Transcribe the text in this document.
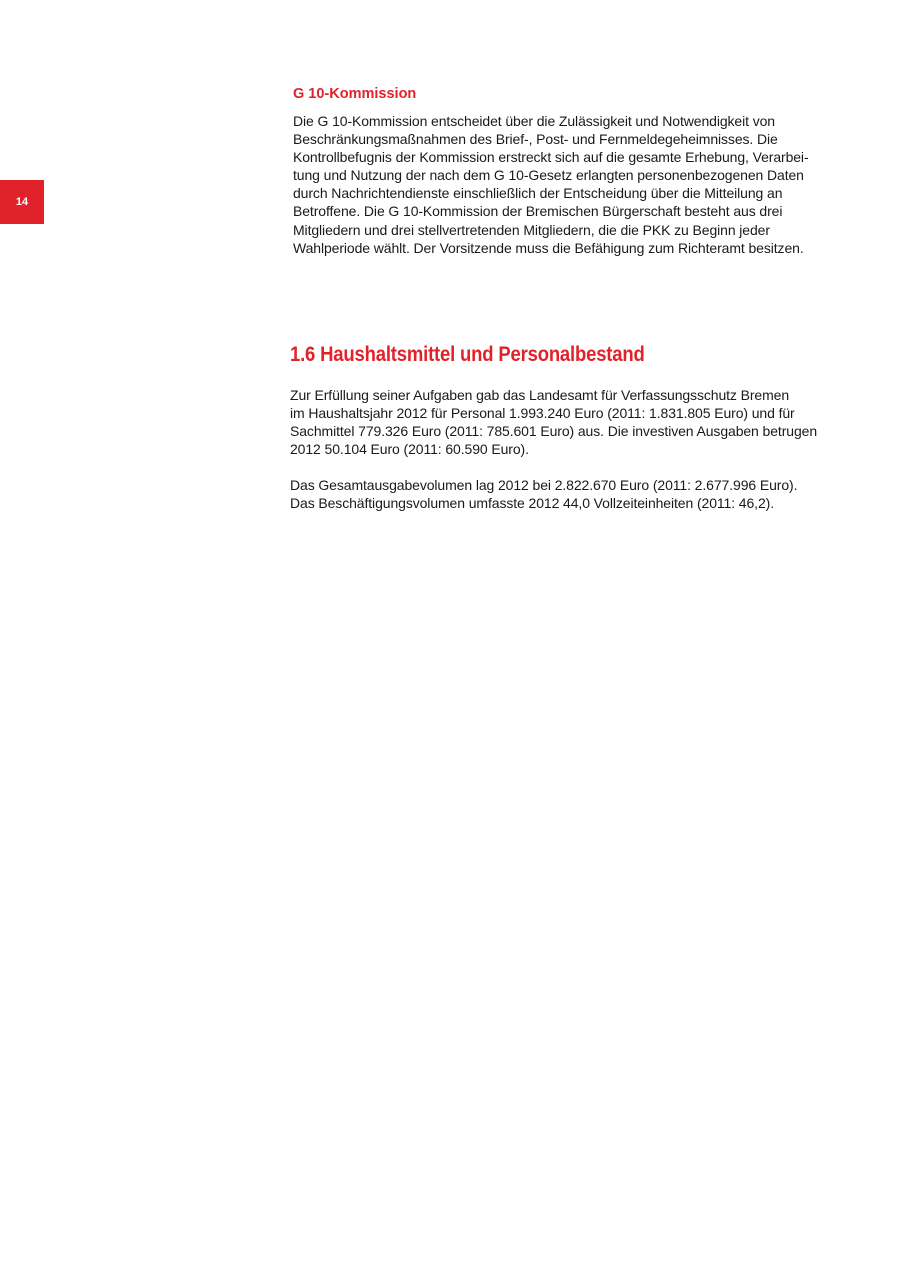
14
G 10-Kommission
Die G 10-Kommission entscheidet über die Zulässigkeit und Notwendigkeit von
Beschränkungsmaßnahmen des Brief-, Post- und Fernmeldegeheimnisses. Die
Kontrollbefugnis der Kommission erstreckt sich auf die gesamte Erhebung, Verarbei-
tung und Nutzung der nach dem G 10-Gesetz erlangten personenbezogenen Daten
durch Nachrichtendienste einschließlich der Entscheidung über die Mitteilung an
Betroffene. Die G 10-Kommission der Bremischen Bürgerschaft besteht aus drei
Mitgliedern und drei stellvertretenden Mitgliedern, die die PKK zu Beginn jeder
Wahlperiode wählt. Der Vorsitzende muss die Befähigung zum Richteramt besitzen.
1.6 Haushaltsmittel und Personalbestand
Zur Erfüllung seiner Aufgaben gab das Landesamt für Verfassungsschutz Bremen
im Haushaltsjahr 2012 für Personal 1.993.240 Euro (2011: 1.831.805 Euro) und für
Sachmittel 779.326 Euro (2011: 785.601 Euro) aus. Die investiven Ausgaben betrugen
2012 50.104 Euro (2011: 60.590 Euro).
Das Gesamtausgabevolumen lag 2012 bei 2.822.670 Euro (2011: 2.677.996 Euro).
Das Beschäftigungsvolumen umfasste 2012 44,0 Vollzeiteinheiten (2011: 46,2).
